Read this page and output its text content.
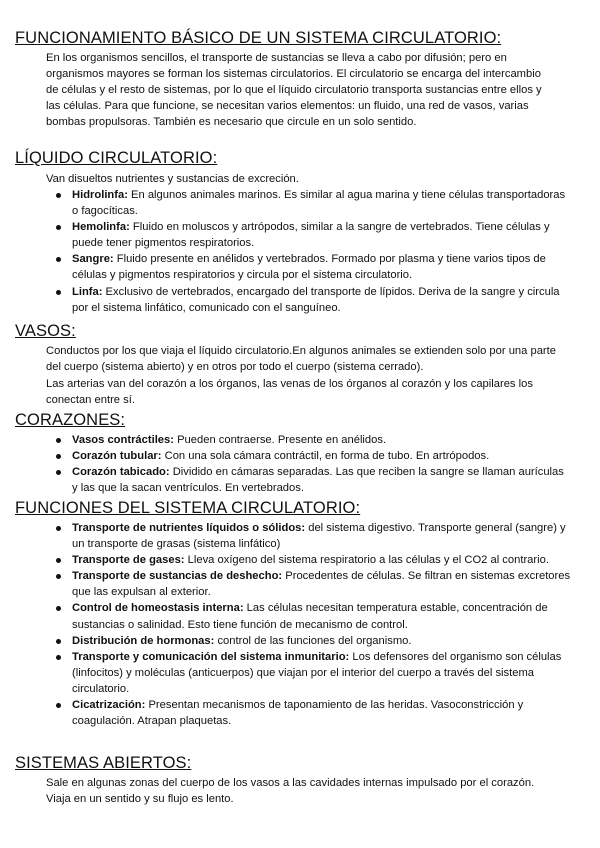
FUNCIONAMIENTO BÁSICO DE UN SISTEMA CIRCULATORIO:

En los organismos sencillos, el transporte de sustancias se lleva a cabo por difusión; pero en organismos mayores se forman los sistemas circulatorios. El circulatorio se encarga del intercambio de células y el resto de sistemas, por lo que el líquido circulatorio transporta sustancias entre ellos y las células. Para que funcione, se necesitan varios elementos: un fluido, una red de vasos, varias bombas propulsoras. También es necesario que circule en un solo sentido.

LÍQUIDO CIRCULATORIO:

Van disueltos nutrientes y sustancias de excreción.

Hidrolinfa: En algunos animales marinos. Es similar al agua marina y tiene células transportadoras o fagocíticas.
Hemolinfa: Fluido en moluscos y artrópodos, similar a la sangre de vertebrados. Tiene células y puede tener pigmentos respiratorios.
Sangre: Fluido presente en anélidos y vertebrados. Formado por plasma y tiene varios tipos de células y pigmentos respiratorios y circula por el sistema circulatorio.
Linfa: Exclusivo de vertebrados, encargado del transporte de lípidos. Deriva de la sangre y circula por el sistema linfático, comunicado con el sanguíneo.
VASOS:

Conductos por los que viaja el líquido circulatorio.En algunos animales se extienden solo por una parte del cuerpo (sistema abierto) y en otros por todo el cuerpo (sistema cerrado).

Las arterias van del corazón a los órganos, las venas de los órganos al corazón y los capilares los conectan entre sí.

CORAZONES:
Vasos contráctiles: Pueden contraerse. Presente en anélidos.
Corazón tubular: Con una sola cámara contráctil, en forma de tubo. En artrópodos.
Corazón tabicado: Dividido en cámaras separadas. Las que reciben la sangre se llaman aurículas y las que la sacan ventrículos. En vertebrados.
FUNCIONES DEL SISTEMA CIRCULATORIO:
Transporte de nutrientes líquidos o sólidos: del sistema digestivo. Transporte general (sangre) y un transporte de grasas (sistema linfático)
Transporte de gases: Lleva oxígeno del sistema respiratorio a las células y el CO2 al contrario.
Transporte de sustancias de deshecho: Procedentes de células. Se filtran en sistemas excretores que las expulsan al exterior.
Control de homeostasis interna: Las células necesitan temperatura estable, concentración de sustancias o salinidad. Esto tiene función de mecanismo de control.
Distribución de hormonas: control de las funciones del organismo.
Transporte y comunicación del sistema inmunitario: Los defensores del organismo son células (linfocitos) y moléculas (anticuerpos) que viajan por el interior del cuerpo a través del sistema circulatorio.
Cicatrización: Presentan mecanismos de taponamiento de las heridas. Vasoconstricción y coagulación. Atrapan plaquetas.
SISTEMAS ABIERTOS:

Sale en algunas zonas del cuerpo de los vasos a las cavidades internas impulsado por el corazón. Viaja en un sentido y su flujo es lento.
